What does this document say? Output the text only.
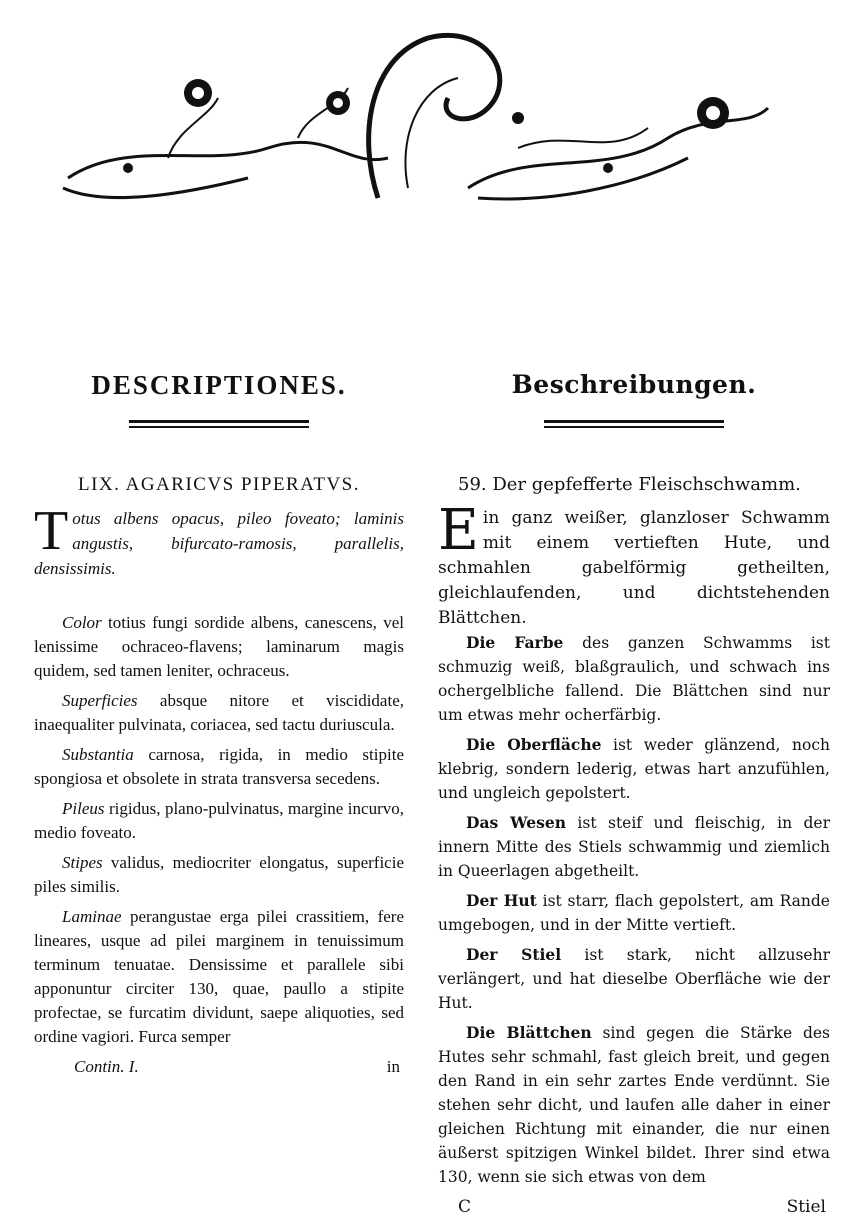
DESCRIPTIONES.
LIX. AGARICVS PIPERATVS.
Totus albens opacus, pileo foveato; laminis angustis, bifurcato-ramosis, parallelis, densissimis.

Color totius fungi sordide albens, canescens, vel lenissime ochraceo-flavens; laminarum magis quidem, sed tamen leniter, ochraceus.

Superficies absque nitore et viscididate, inaequaliter pulvinata, coriacea, sed tactu duriuscula.

Substantia carnosa, rigida, in medio stipite spongiosa et obsolete in strata transversa secedens.

Pileus rigidus, plano-pulvinatus, margine incurvo, medio foveato.

Stipes validus, mediocriter elongatus, superficie piles similis.

Laminae perangustae erga pilei crassitiem, fere lineares, usque ad pilei marginem in tenuissimum terminum tenuatae. Densissime et parallele sibi apponuntur circiter 130, quae, paullo a stipite profectae, se furcatim dividunt, saepe aliquoties, sed ordine vagiori. Furca semper

Contin. I.	in
Beschreibungen.
59. Der gepfefferte Fleischschwamm.
Ein ganz weißer, glanzloser Schwamm mit einem vertieften Hute, und schmahlen gabelförmig getheilten, gleichlaufenden, und dichtstehenden Blättchen.

Die Farbe des ganzen Schwamms ist schmuzig weiß, blaßgraulich, und schwach ins ochergelbliche fallend. Die Blättchen sind nur um etwas mehr ocherfärbig.

Die Oberfläche ist weder glänzend, noch klebrig, sondern lederig, etwas hart anzufühlen, und ungleich gepolstert.

Das Wesen ist steif und fleischig, in der innern Mitte des Stiels schwammig und ziemlich in Queerlagen abgetheilt.

Der Hut ist starr, flach gepolstert, am Rande umgebogen, und in der Mitte vertieft.

Der Stiel ist stark, nicht allzusehr verlängert, und hat dieselbe Oberfläche wie der Hut.

Die Blättchen sind gegen die Stärke des Hutes sehr schmahl, fast gleich breit, und gegen den Rand in ein sehr zartes Ende verdünnt. Sie stehen sehr dicht, und laufen alle daher in einer gleichen Richtung mit einander, die nur einen äußerst spitzigen Winkel bildet. Ihrer sind etwa 130, wenn sie sich etwas von dem

C	Stiel
